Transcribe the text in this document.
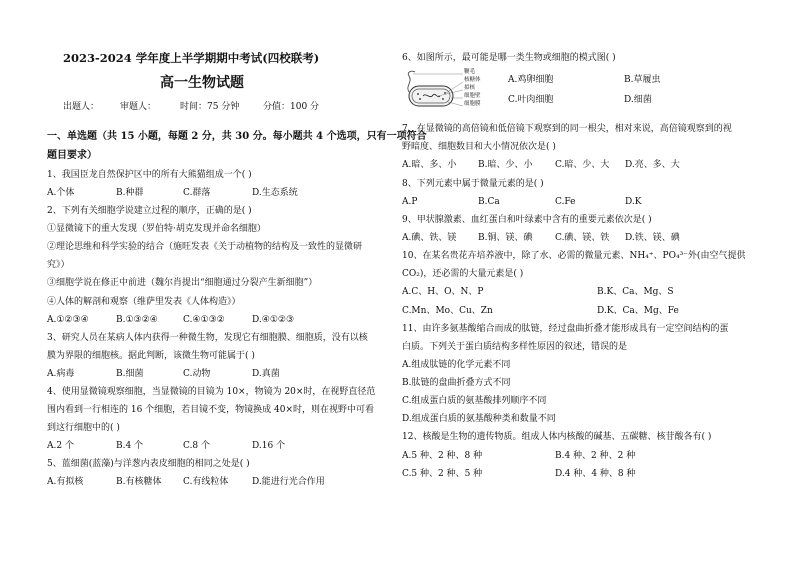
2023-2024 学年度上半学期期中考试(四校联考)
高一生物试题
出题人： 审题人：	时间：75 分钟	分值：100 分
一、单选题（共 15 小题，每题 2 分，共 30 分。每小题共 4 个选项，只有一项符合
题目要求）
1、我国臣龙自然保护区中的所有大熊猫组成一个( )
A.个体	B.种群	C.群落	D.生态系统
2、下列有关细胞学说建立过程的顺序，正确的是( )
①显微镜下的重大发现（罗伯特·胡克发现并命名细胞）
②理论思维和科学实验的结合（施旺发表《关于动植物的结构及一致性的显微研
究》）
③细胞学说在修正中前进（魏尔肖提出“细胞通过分裂产生新细胞”）
④人体的解剖和观察（维萨里发表《人体构造》）
A.①②③④	B.①③②④	C.④①③②	D.④①②③
3、研究人员在某病人体内获得一种微生物，发现它有细胞膜、细胞质，没有以核
膜为界限的细胞核。据此判断，该微生物可能属于( )
A.病毒	B.细菌	C.动物	D.真菌
4、使用显微镜观察细胞，当显微镜的目镜为 10×，物镜为 20×时，在视野直径范
围内看到一行相连的 16 个细胞，若目镜不变，物镜换成 40×时，则在视野中可看
到这行细胞中的( )
A.2 个	B.4 个	C.8 个	D.16 个
5、蓝细菌(蓝藻)与洋葱内表皮细胞的相同之处是( )
A.有拟核	B.有核糖体 C.有线粒体	D.能进行光合作用
6、如图所示，最可能是哪一类生物或细胞的模式图( )
鞭毛
核糖体
拟核
细胞壁
细胞膜
A.鸡卵细胞	B.草履虫
C.叶肉细胞	D.细菌
7、在显微镜的高倍镜和低倍镜下观察到的同一根尖，相对来说，高倍镜观察到的视
野暗度、细胞数目和大小情况依次是( )
A.暗、多、小 B.暗、少、小	C.暗、少、大 D.亮、多、大
8、下列元素中属于微量元素的是( )
A.P	B.Ca	C.Fe	D.K
9、甲状腺激素、血红蛋白和叶绿素中含有的重要元素依次是( )
A.碘、铁、镁 B.铜、镁、碘	C.碘、镁、铁 D.铁、镁、碘
10、在某名贵花卉培养液中，除了水、必需的微量元素、NH₄⁺、PO₄³⁻外(由空气提供
CO₂)，还必需的大量元素是( )
A.C、H、O、N、P	B.K、Ca、Mg、S
C.Mn、Mo、Cu、Zn	D.K、Ca、Mg、Fe
11、由许多氨基酸缩合而成的肽链，经过盘曲折叠才能形成具有一定空间结构的蛋
白质。下列关于蛋白质结构多样性原因的叙述，错误的是
A.组成肽链的化学元素不同
B.肽链的盘曲折叠方式不同
C.组成蛋白质的氨基酸排列顺序不同
D.组成蛋白质的氨基酸种类和数量不同
12、核酸是生物的遗传物质。组成人体内核酸的碱基、五碳糖、核苷酸各有( )
A.5 种、2 种、8 种	B.4 种、2 种、2 种
C.5 种、2 种、5 种	D.4 种、4 种、8 种
